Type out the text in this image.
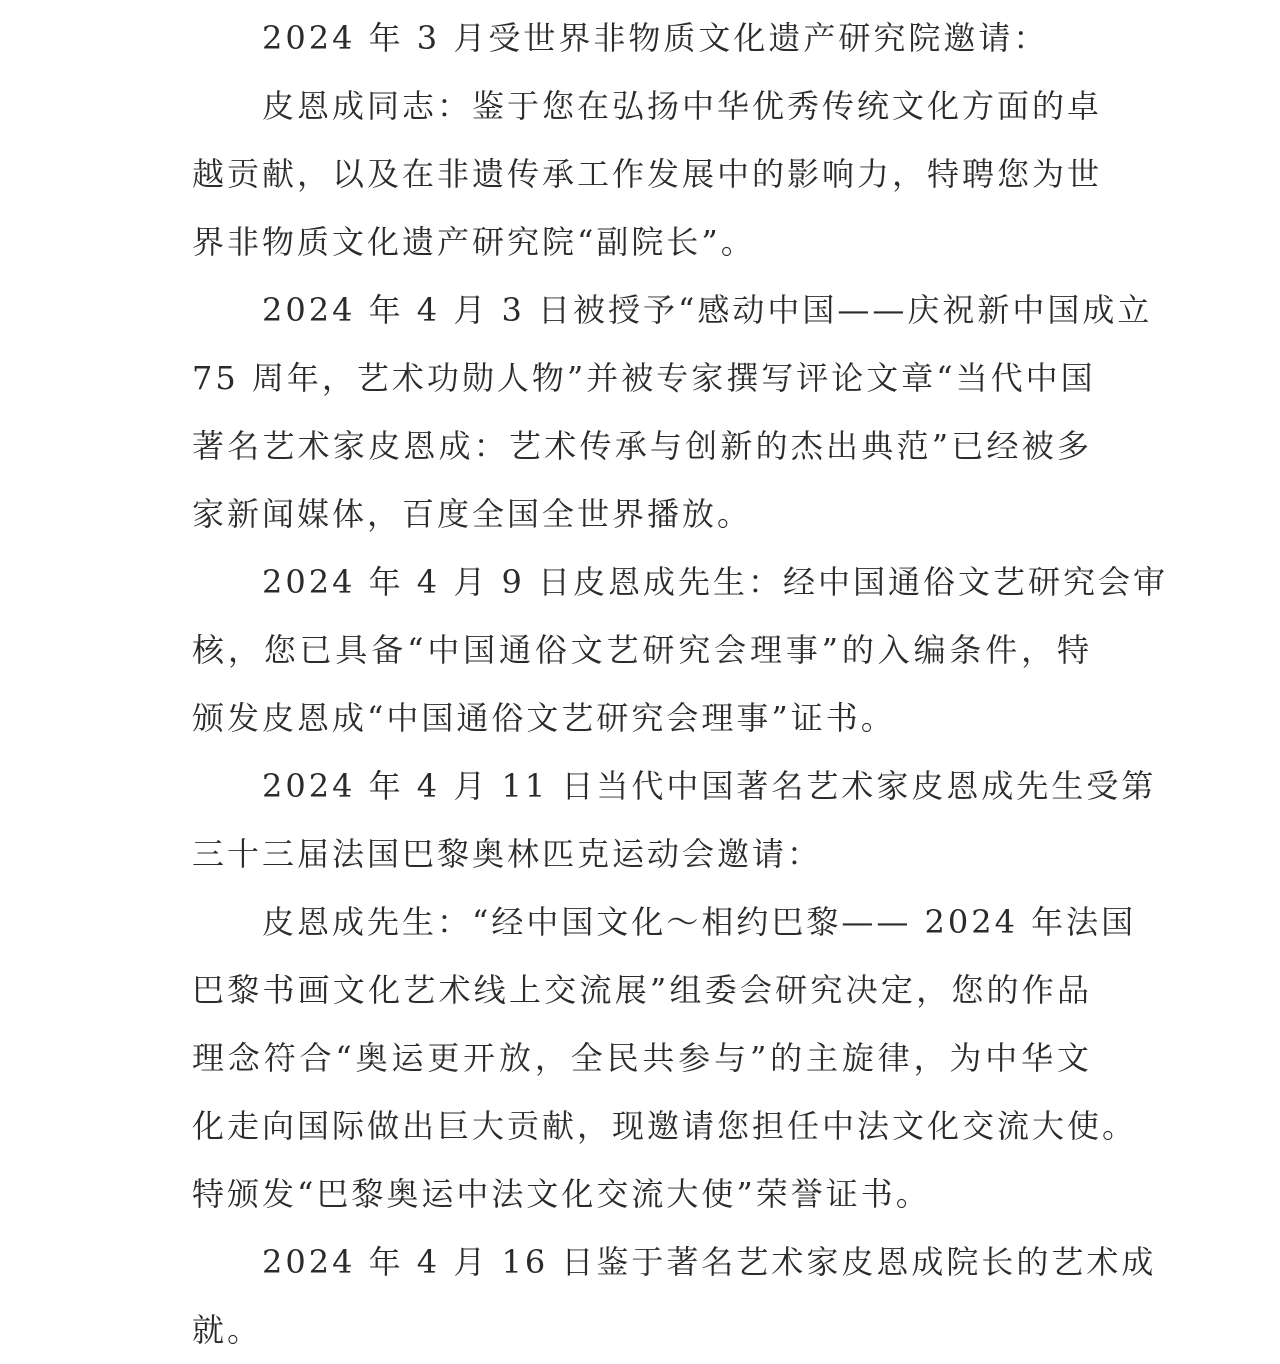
2024 年 3 月受世界非物质文化遗产研究院邀请：
皮恩成同志：鉴于您在弘扬中华优秀传统文化方面的卓
越贡献，以及在非遗传承工作发展中的影响力，特聘您为世
界非物质文化遗产研究院“副院长”。
2024 年 4 月 3 日被授予“感动中国——庆祝新中国成立
75 周年，艺术功勋人物”并被专家撰写评论文章“当代中国
著名艺术家皮恩成：艺术传承与创新的杰出典范”已经被多
家新闻媒体，百度全国全世界播放。
2024 年 4 月 9 日皮恩成先生：经中国通俗文艺研究会审
核，您已具备“中国通俗文艺研究会理事”的入编条件，特
颁发皮恩成“中国通俗文艺研究会理事”证书。
2024 年 4 月 11 日当代中国著名艺术家皮恩成先生受第
三十三届法国巴黎奥林匹克运动会邀请：
皮恩成先生：“经中国文化～相约巴黎—— 2024 年法国
巴黎书画文化艺术线上交流展”组委会研究决定，您的作品
理念符合“奥运更开放，全民共参与”的主旋律，为中华文
化走向国际做出巨大贡献，现邀请您担任中法文化交流大使。
特颁发“巴黎奥运中法文化交流大使”荣誉证书。
2024 年 4 月 16 日鉴于著名艺术家皮恩成院长的艺术成
就。
